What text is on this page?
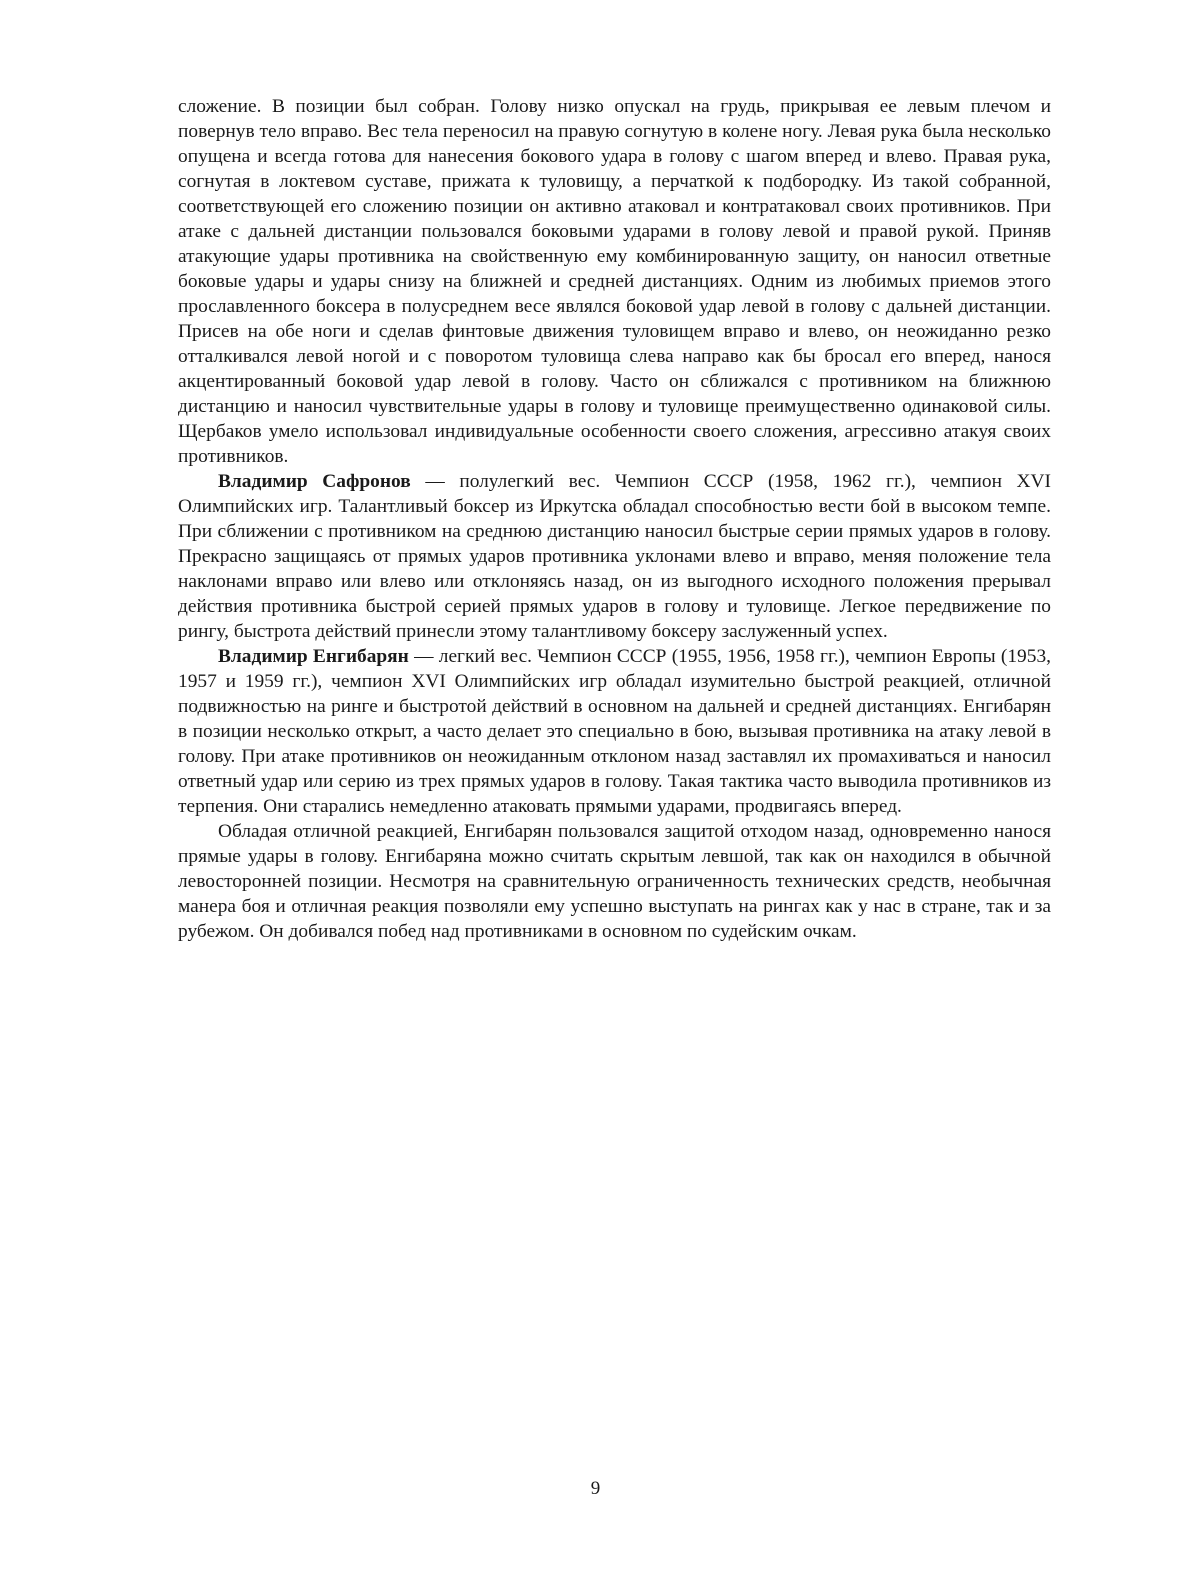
сложение. В позиции был собран. Голову низко опускал на грудь, прикрывая ее левым плечом и повернув тело вправо. Вес тела переносил на правую согнутую в колене ногу. Левая рука была несколько опущена и всегда готова для нанесения бокового удара в голову с шагом вперед и влево. Правая рука, согнутая в локтевом суставе, прижата к туловищу, а перчаткой к подбородку. Из такой собранной, соответствующей его сложению позиции он активно атаковал и контратаковал своих противников. При атаке с дальней дистанции пользовался боковыми ударами в голову левой и правой рукой. Приняв атакующие удары противника на свойственную ему комбинированную защиту, он наносил ответные боковые удары и удары снизу на ближней и средней дистанциях. Одним из любимых приемов этого прославленного боксера в полусреднем весе являлся боковой удар левой в голову с дальней дистанции. Присев на обе ноги и сделав финтовые движения туловищем вправо и влево, он неожиданно резко отталкивался левой ногой и с поворотом туловища слева направо как бы бросал его вперед, нанося акцентированный боковой удар левой в голову. Часто он сближался с противником на ближнюю дистанцию и наносил чувствительные удары в голову и туловище преимущественно одинаковой силы. Щербаков умело использовал индивидуальные особенности своего сложения, агрессивно атакуя своих противников.

Владимир Сафронов — полулегкий вес. Чемпион СССР (1958, 1962 гг.), чемпион XVI Олимпийских игр. Талантливый боксер из Иркутска обладал способностью вести бой в высоком темпе. При сближении с противником на среднюю дистанцию наносил быстрые серии прямых ударов в голову. Прекрасно защищаясь от прямых ударов противника уклонами влево и вправо, меняя положение тела наклонами вправо или влево или отклоняясь назад, он из выгодного исходного положения прерывал действия противника быстрой серией прямых ударов в голову и туловище. Легкое передвижение по рингу, быстрота действий принесли этому талантливому боксеру заслуженный успех.

Владимир Енгибарян — легкий вес. Чемпион СССР (1955, 1956, 1958 гг.), чемпион Европы (1953, 1957 и 1959 гг.), чемпион XVI Олимпийских игр обладал изумительно быстрой реакцией, отличной подвижностью на ринге и быстротой действий в основном на дальней и средней дистанциях. Енгибарян в позиции несколько открыт, а часто делает это специально в бою, вызывая противника на атаку левой в голову. При атаке противников он неожиданным отклоном назад заставлял их промахиваться и наносил ответный удар или серию из трех прямых ударов в голову. Такая тактика часто выводила противников из терпения. Они старались немедленно атаковать прямыми ударами, продвигаясь вперед.

Обладая отличной реакцией, Енгибарян пользовался защитой отходом назад, одновременно нанося прямые удары в голову. Енгибаряна можно считать скрытым левшой, так как он находился в обычной левосторонней позиции. Несмотря на сравнительную ограниченность технических средств, необычная манера боя и отличная реакция позволяли ему успешно выступать на рингах как у нас в стране, так и за рубежом. Он добивался побед над противниками в основном по судейским очкам.

9
